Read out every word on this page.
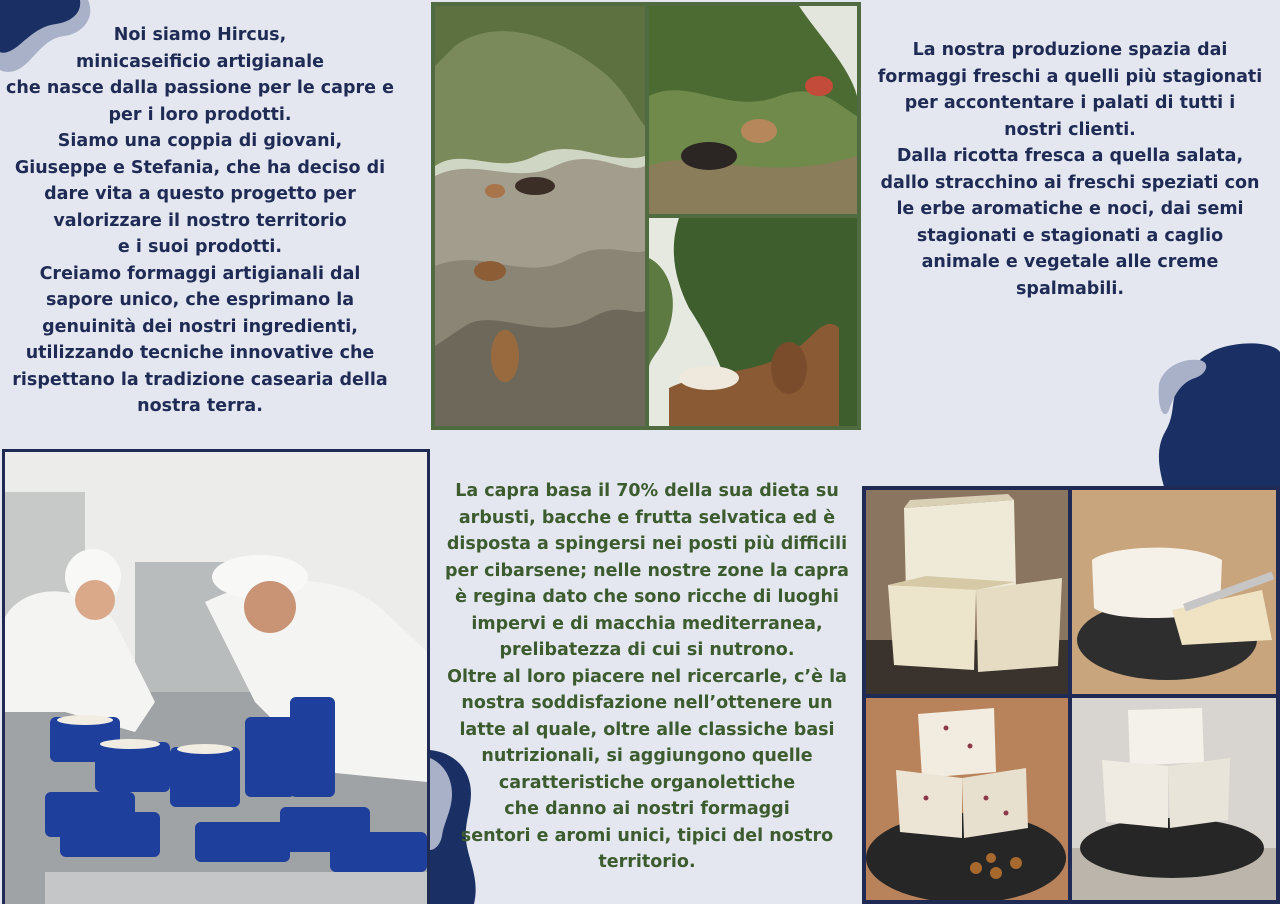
Noi siamo Hircus,
minicaseificio artigianale
che nasce dalla passione per le capre e
per i loro prodotti.
Siamo una coppia di giovani,
Giuseppe e Stefania, che ha deciso di
dare vita a questo progetto per
valorizzare il nostro territorio
e i suoi prodotti.
Creiamo formaggi artigianali dal
sapore unico, che esprimano la
genuinità dei nostri ingredienti,
utilizzando tecniche innovative che
rispettano la tradizione casearia della
nostra terra.
La nostra produzione spazia dai
formaggi freschi a quelli più stagionati
per accontentare i palati di tutti i
nostri clienti.
Dalla ricotta fresca a quella salata,
dallo stracchino ai freschi speziati con
le erbe aromatiche e noci, dai semi
stagionati e stagionati a caglio
animale e vegetale alle creme
spalmabili.
La capra basa il 70% della sua dieta su
arbusti, bacche e frutta selvatica ed è
disposta a spingersi nei posti più difficili
per cibarsene; nelle nostre zone la capra
è regina dato che sono ricche di luoghi
impervi e di macchia mediterranea,
prelibatezza di cui si nutrono.
Oltre al loro piacere nel ricercarle, c’è la
nostra soddisfazione nell’ottenere un
latte al quale, oltre alle classiche basi
nutrizionali, si aggiungono quelle
caratteristiche organolettiche
che danno ai nostri formaggi
sentori e aromi unici, tipici del nostro
territorio.
